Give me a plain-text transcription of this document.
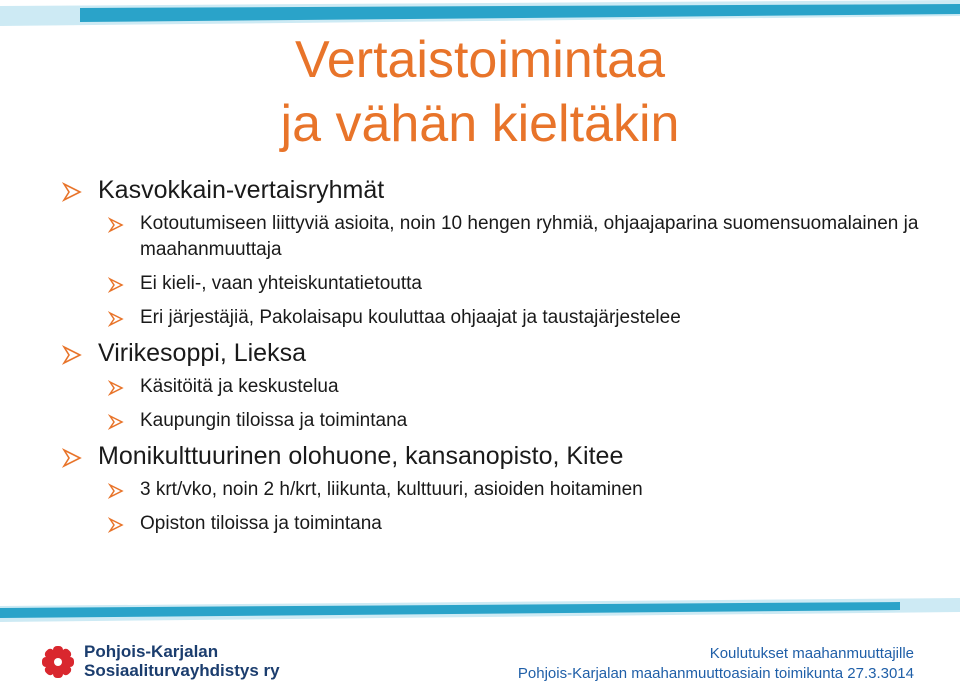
Vertaistoimintaa
ja vähän kieltäkin
Kasvokkain-vertaisryhmät
Kotoutumiseen liittyviä asioita, noin 10 hengen ryhmiä, ohjaajaparina suomensuomalainen ja maahanmuuttaja
Ei kieli-, vaan yhteiskuntatietoutta
Eri järjestäjiä, Pakolaisapu kouluttaa ohjaajat ja taustajärjestelee
Virikesoppi, Lieksa
Käsitöitä ja keskustelua
Kaupungin tiloissa ja toimintana
Monikulttuurinen olohuone, kansanopisto, Kitee
3 krt/vko, noin 2 h/krt, liikunta, kulttuuri, asioiden hoitaminen
Opiston tiloissa ja toimintana
Pohjois-Karjalan
Sosiaaliturvayhdistys ry
Koulutukset maahanmuuttajille
Pohjois-Karjalan maahanmuuttoasiain toimikunta 27.3.3014
